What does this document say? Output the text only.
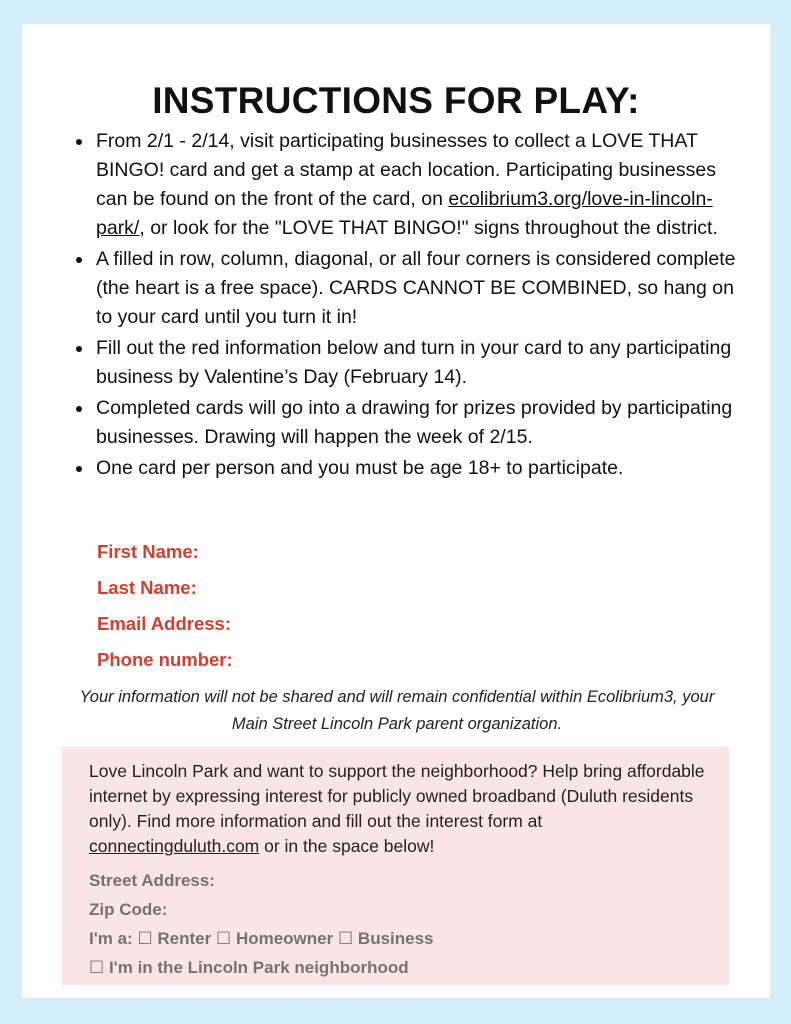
INSTRUCTIONS FOR PLAY:
From 2/1 - 2/14, visit participating businesses to collect a LOVE THAT BINGO! card and get a stamp at each location. Participating businesses can be found on the front of the card, on ecolibrium3.org/love-in-lincoln-park/, or look for the "LOVE THAT BINGO!" signs throughout the district.
A filled in row, column, diagonal, or all four corners is considered complete (the heart is a free space). CARDS CANNOT BE COMBINED, so hang on to your card until you turn it in!
Fill out the red information below and turn in your card to any participating business by Valentine’s Day (February 14).
Completed cards will go into a drawing for prizes provided by participating businesses. Drawing will happen the week of 2/15.
One card per person and you must be age 18+ to participate.
First Name:
Last Name:
Email Address:
Phone number:
Your information will not be shared and will remain confidential within Ecolibrium3, your Main Street Lincoln Park parent organization.
Love Lincoln Park and want to support the neighborhood? Help bring affordable internet by expressing interest for publicly owned broadband (Duluth residents only). Find more information and fill out the interest form at connectingduluth.com or in the space below!
Street Address:
Zip Code:
I'm a: ☐ Renter ☐ Homeowner ☐ Business
☐ I'm in the Lincoln Park neighborhood
